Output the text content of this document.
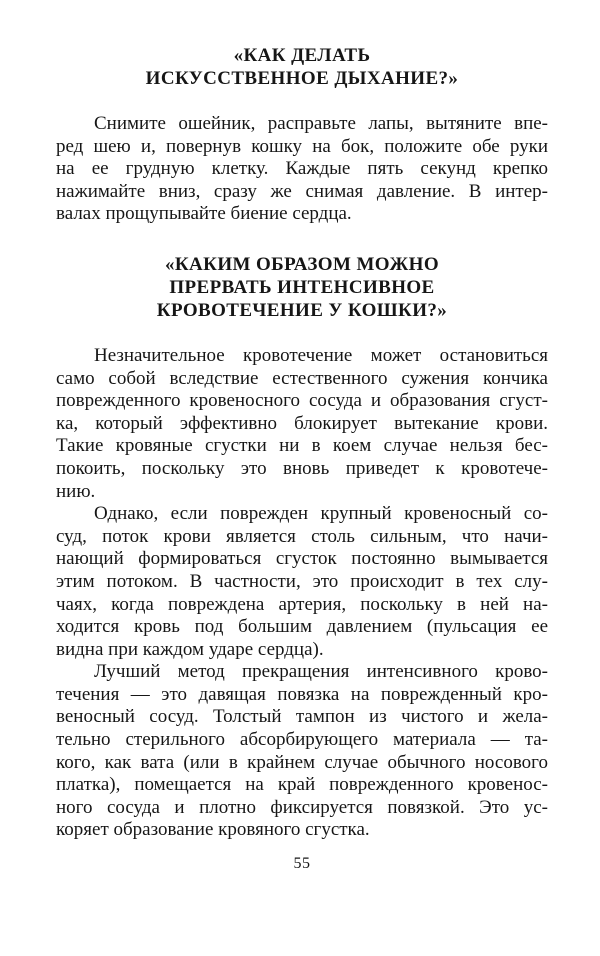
«КАК ДЕЛАТЬ
ИСКУССТВЕННОЕ ДЫХАНИЕ?»
Снимите ошейник, расправьте лапы, вытяните впе-
ред шею и, повернув кошку на бок, положите обе руки
на ее грудную клетку. Каждые пять секунд крепко
нажимайте вниз, сразу же снимая давление. В интер-
валах прощупывайте биение сердца.
«КАКИМ ОБРАЗОМ МОЖНО
ПРЕРВАТЬ ИНТЕНСИВНОЕ
КРОВОТЕЧЕНИЕ У КОШКИ?»
Незначительное кровотечение может остановиться
само собой вследствие естественного сужения кончика
поврежденного кровеносного сосуда и образования сгуст-
ка, который эффективно блокирует вытекание крови.
Такие кровяные сгустки ни в коем случае нельзя бес-
покоить, поскольку это вновь приведет к кровотече-
нию.
Однако, если поврежден крупный кровеносный со-
суд, поток крови является столь сильным, что начи-
нающий формироваться сгусток постоянно вымывается
этим потоком. В частности, это происходит в тех слу-
чаях, когда повреждена артерия, поскольку в ней на-
ходится кровь под большим давлением (пульсация ее
видна при каждом ударе сердца).
Лучший метод прекращения интенсивного крово-
течения — это давящая повязка на поврежденный кро-
веносный сосуд. Толстый тампон из чистого и жела-
тельно стерильного абсорбирующего материала — та-
кого, как вата (или в крайнем случае обычного носового
платка), помещается на край поврежденного кровенос-
ного сосуда и плотно фиксируется повязкой. Это ус-
коряет образование кровяного сгустка.
55
